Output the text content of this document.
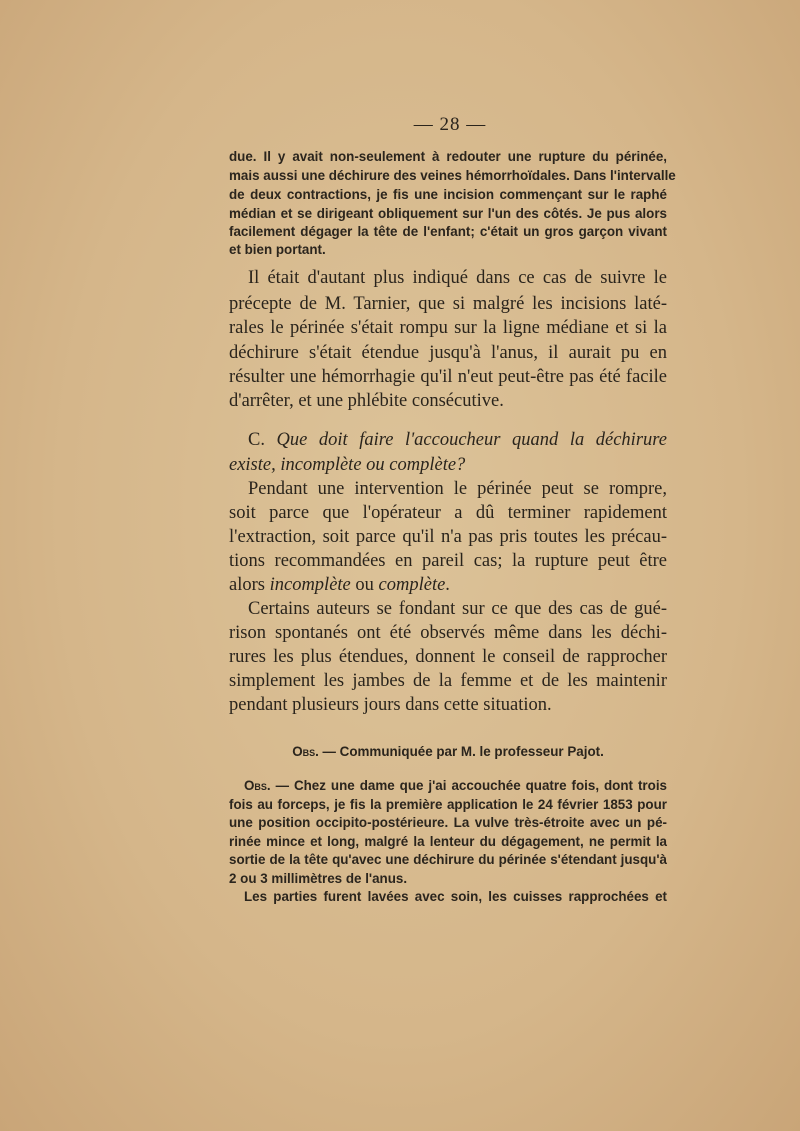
— 28 —
due. Il y avait non-seulement à redouter une rupture du périnée,
mais aussi une déchirure des veines hémorrhoïdales. Dans l'intervalle
de deux contractions, je fis une incision commençant sur le raphé
médian et se dirigeant obliquement sur l'un des côtés. Je pus alors
facilement dégager la tête de l'enfant; c'était un gros garçon vivant
et bien portant.
Il était d'autant plus indiqué dans ce cas de suivre le
précepte de M. Tarnier, que si malgré les incisions laté-
rales le périnée s'était rompu sur la ligne médiane et si la
déchirure s'était étendue jusqu'à l'anus, il aurait pu en
résulter une hémorrhagie qu'il n'eut peut-être pas été facile
d'arrêter, et une phlébite consécutive.
C. Que doit faire l'accoucheur quand la déchirure
existe, incomplète ou complète?
Pendant une intervention le périnée peut se rompre,
soit parce que l'opérateur a dû terminer rapidement
l'extraction, soit parce qu'il n'a pas pris toutes les précau-
tions recommandées en pareil cas; la rupture peut être
alors incomplète ou complète.
Certains auteurs se fondant sur ce que des cas de gué-
rison spontanés ont été observés même dans les déchi-
rures les plus étendues, donnent le conseil de rapprocher
simplement les jambes de la femme et de les maintenir
pendant plusieurs jours dans cette situation.
Obs. — Communiquée par M. le professeur Pajot.
Obs. — Chez une dame que j'ai accouchée quatre fois, dont trois
fois au forceps, je fis la première application le 24 février 1853 pour
une position occipito-postérieure. La vulve très-étroite avec un pé-
rinée mince et long, malgré la lenteur du dégagement, ne permit la
sortie de la tête qu'avec une déchirure du périnée s'étendant jusqu'à
2 ou 3 millimètres de l'anus.
Les parties furent lavées avec soin, les cuisses rapprochées et
